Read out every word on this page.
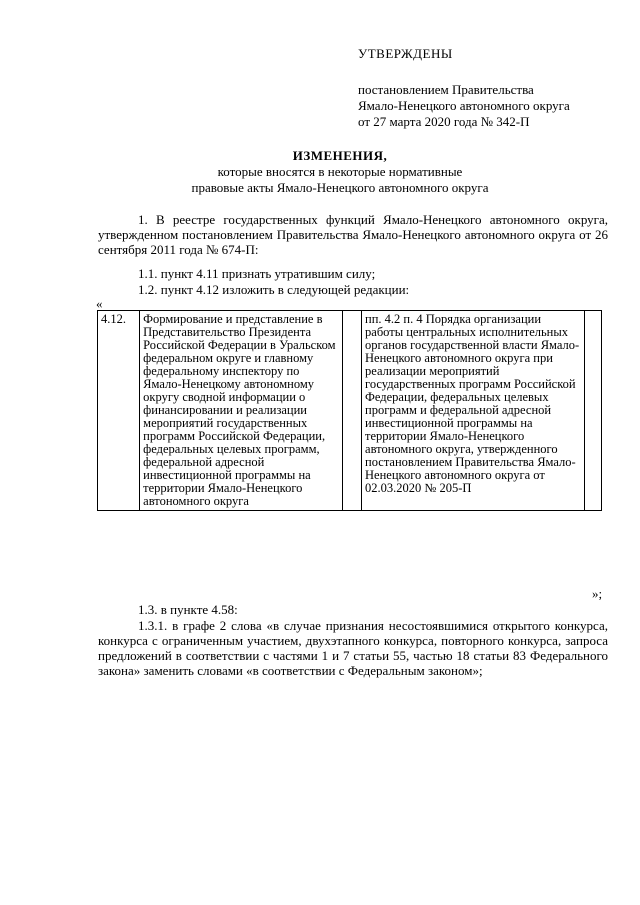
УТВЕРЖДЕНЫ
постановлением Правительства
Ямало-Ненецкого автономного округа
от 27 марта 2020 года № 342-П
ИЗМЕНЕНИЯ,
которые вносятся в некоторые нормативные
правовые акты Ямало-Ненецкого автономного округа
1. В реестре государственных функций Ямало-Ненецкого автономного округа, утвержденном постановлением Правительства Ямало-Ненецкого автономного округа от 26 сентября 2011 года № 674-П:
1.1. пункт 4.11 признать утратившим силу;
1.2. пункт 4.12 изложить в следующей редакции:
«
4.12.	Формирование и представление в Представительство Президента Российской Федерации в Уральском федеральном округе и главному федеральному инспектору по Ямало-Ненецкому автономному округу сводной информации о финансировании и реализации мероприятий государственных программ Российской Федерации, федеральных целевых программ, федеральной адресной инвестиционной программы на территории Ямало-Ненецкого автономного округа		пп. 4.2 п. 4 Порядка организации работы центральных исполнительных органов государственной власти Ямало-Ненецкого автономного округа при реализации мероприятий государственных программ Российской Федерации, федеральных целевых программ и федеральной адресной инвестиционной программы на территории Ямало-Ненецкого автономного округа, утвержденного постановлением Правительства Ямало-Ненецкого автономного округа от 02.03.2020 № 205-П	
»;
1.3. в пункте 4.58:
1.3.1. в графе 2 слова «в случае признания несостоявшимися открытого конкурса, конкурса с ограниченным участием, двухэтапного конкурса, повторного конкурса, запроса предложений в соответствии с частями 1 и 7 статьи 55, частью 18 статьи 83 Федерального закона» заменить словами «в соответствии с Федеральным законом»;
